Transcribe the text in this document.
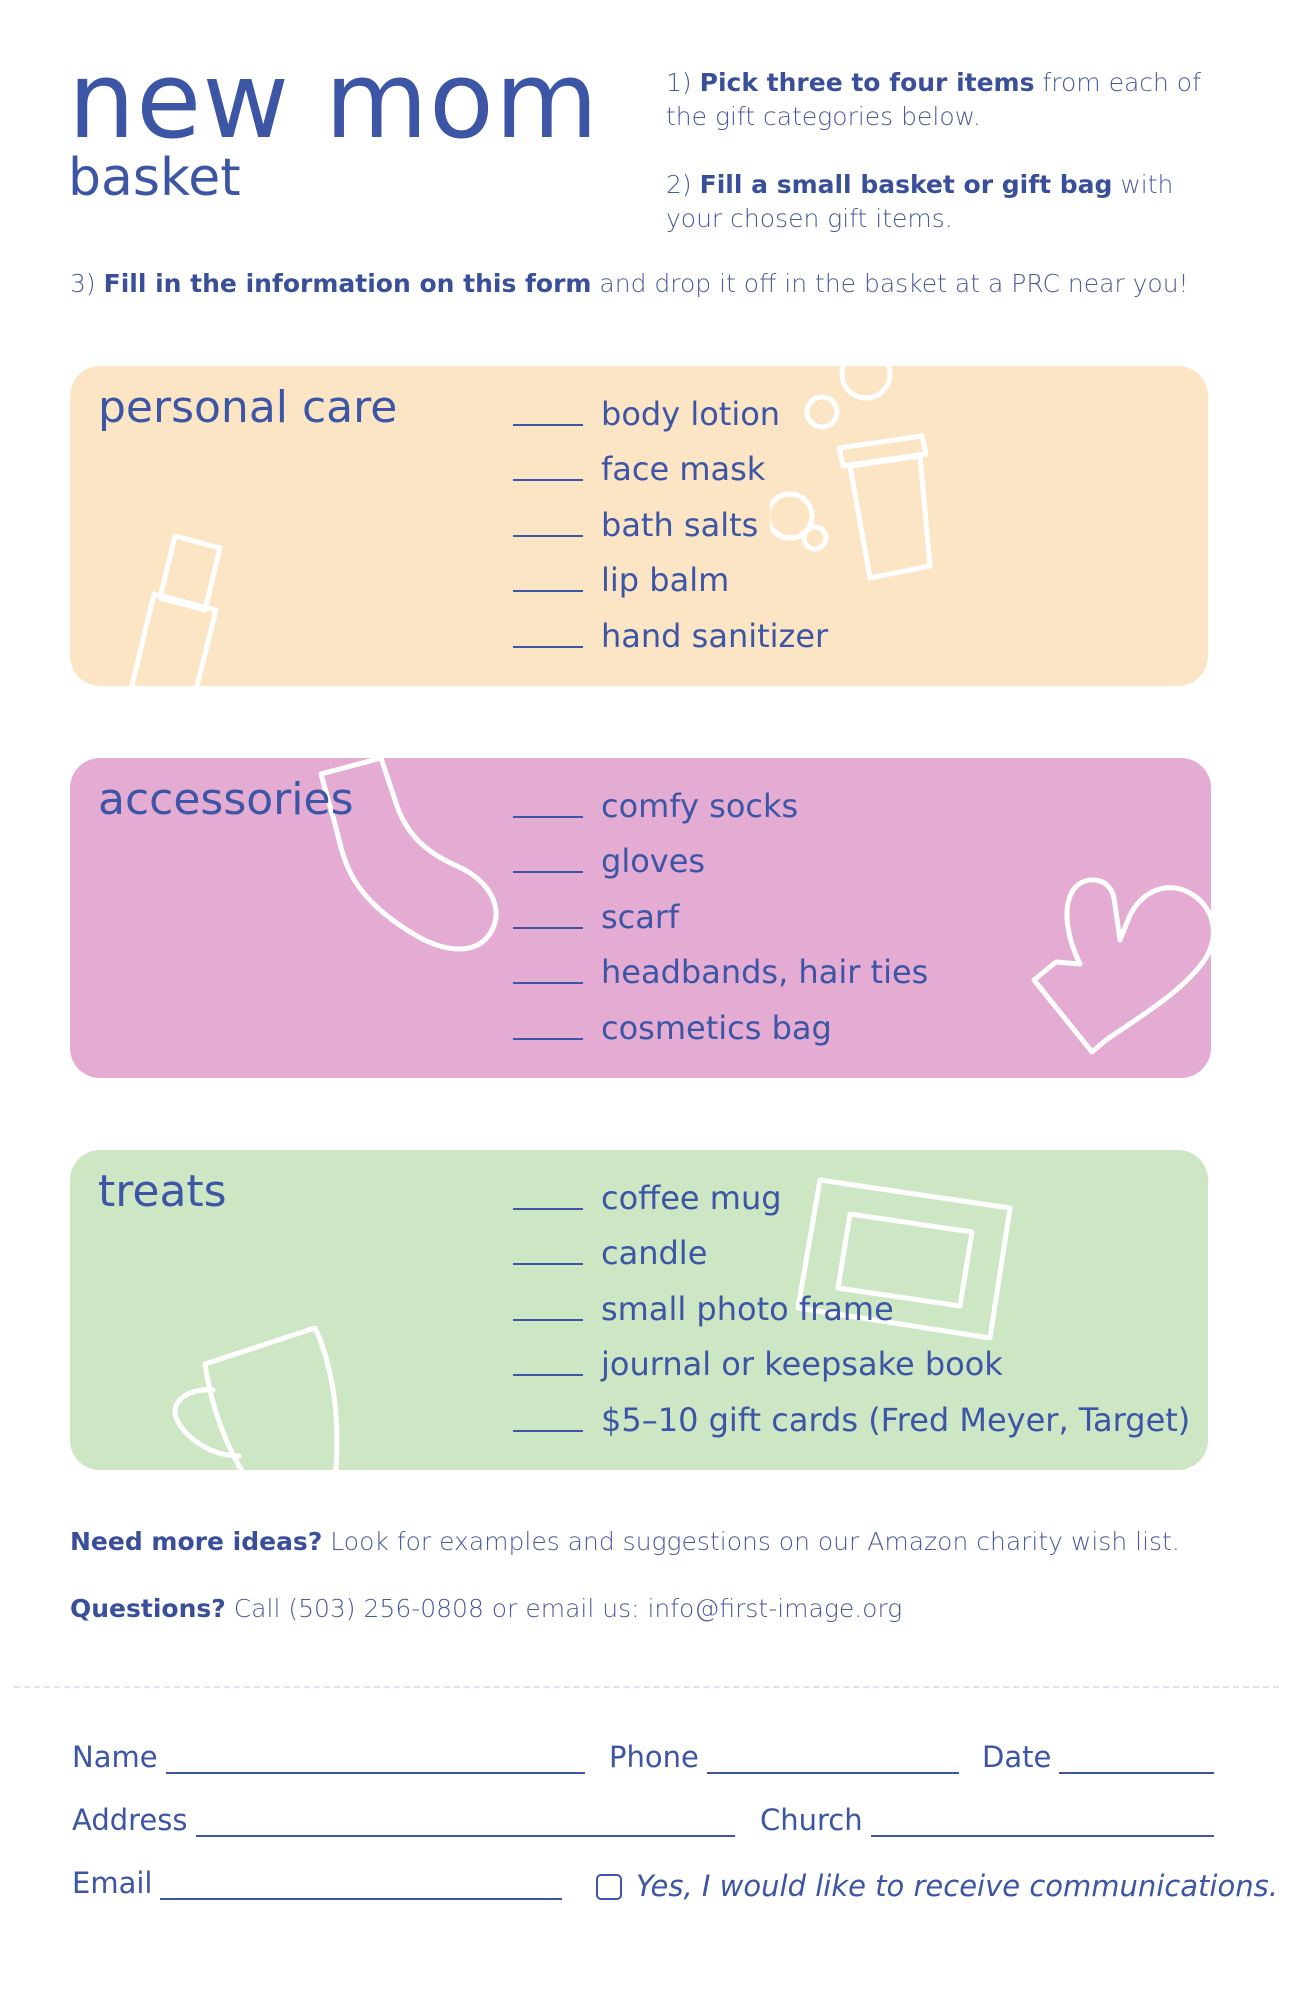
new mom
basket
1) Pick three to four items from each of the gift categories below.
2) Fill a small basket or gift bag with your chosen gift items.
3) Fill in the information on this form and drop it off in the basket at a PRC near you!
personal care	body lotion
face mask
bath salts
lip balm
hand sanitizer
accessories	comfy socks
gloves
scarf
headbands, hair ties
cosmetics bag
treats	coffee mug
candle
small photo frame
journal or keepsake book
$5–10 gift cards (Fred Meyer, Target)
Need more ideas? Look for examples and suggestions on our Amazon charity wish list.
Questions? Call (503) 256-0808 or email us: info@first-image.org
Name	Phone	Date
Address	Church
Email	Yes, I would like to receive communications.
